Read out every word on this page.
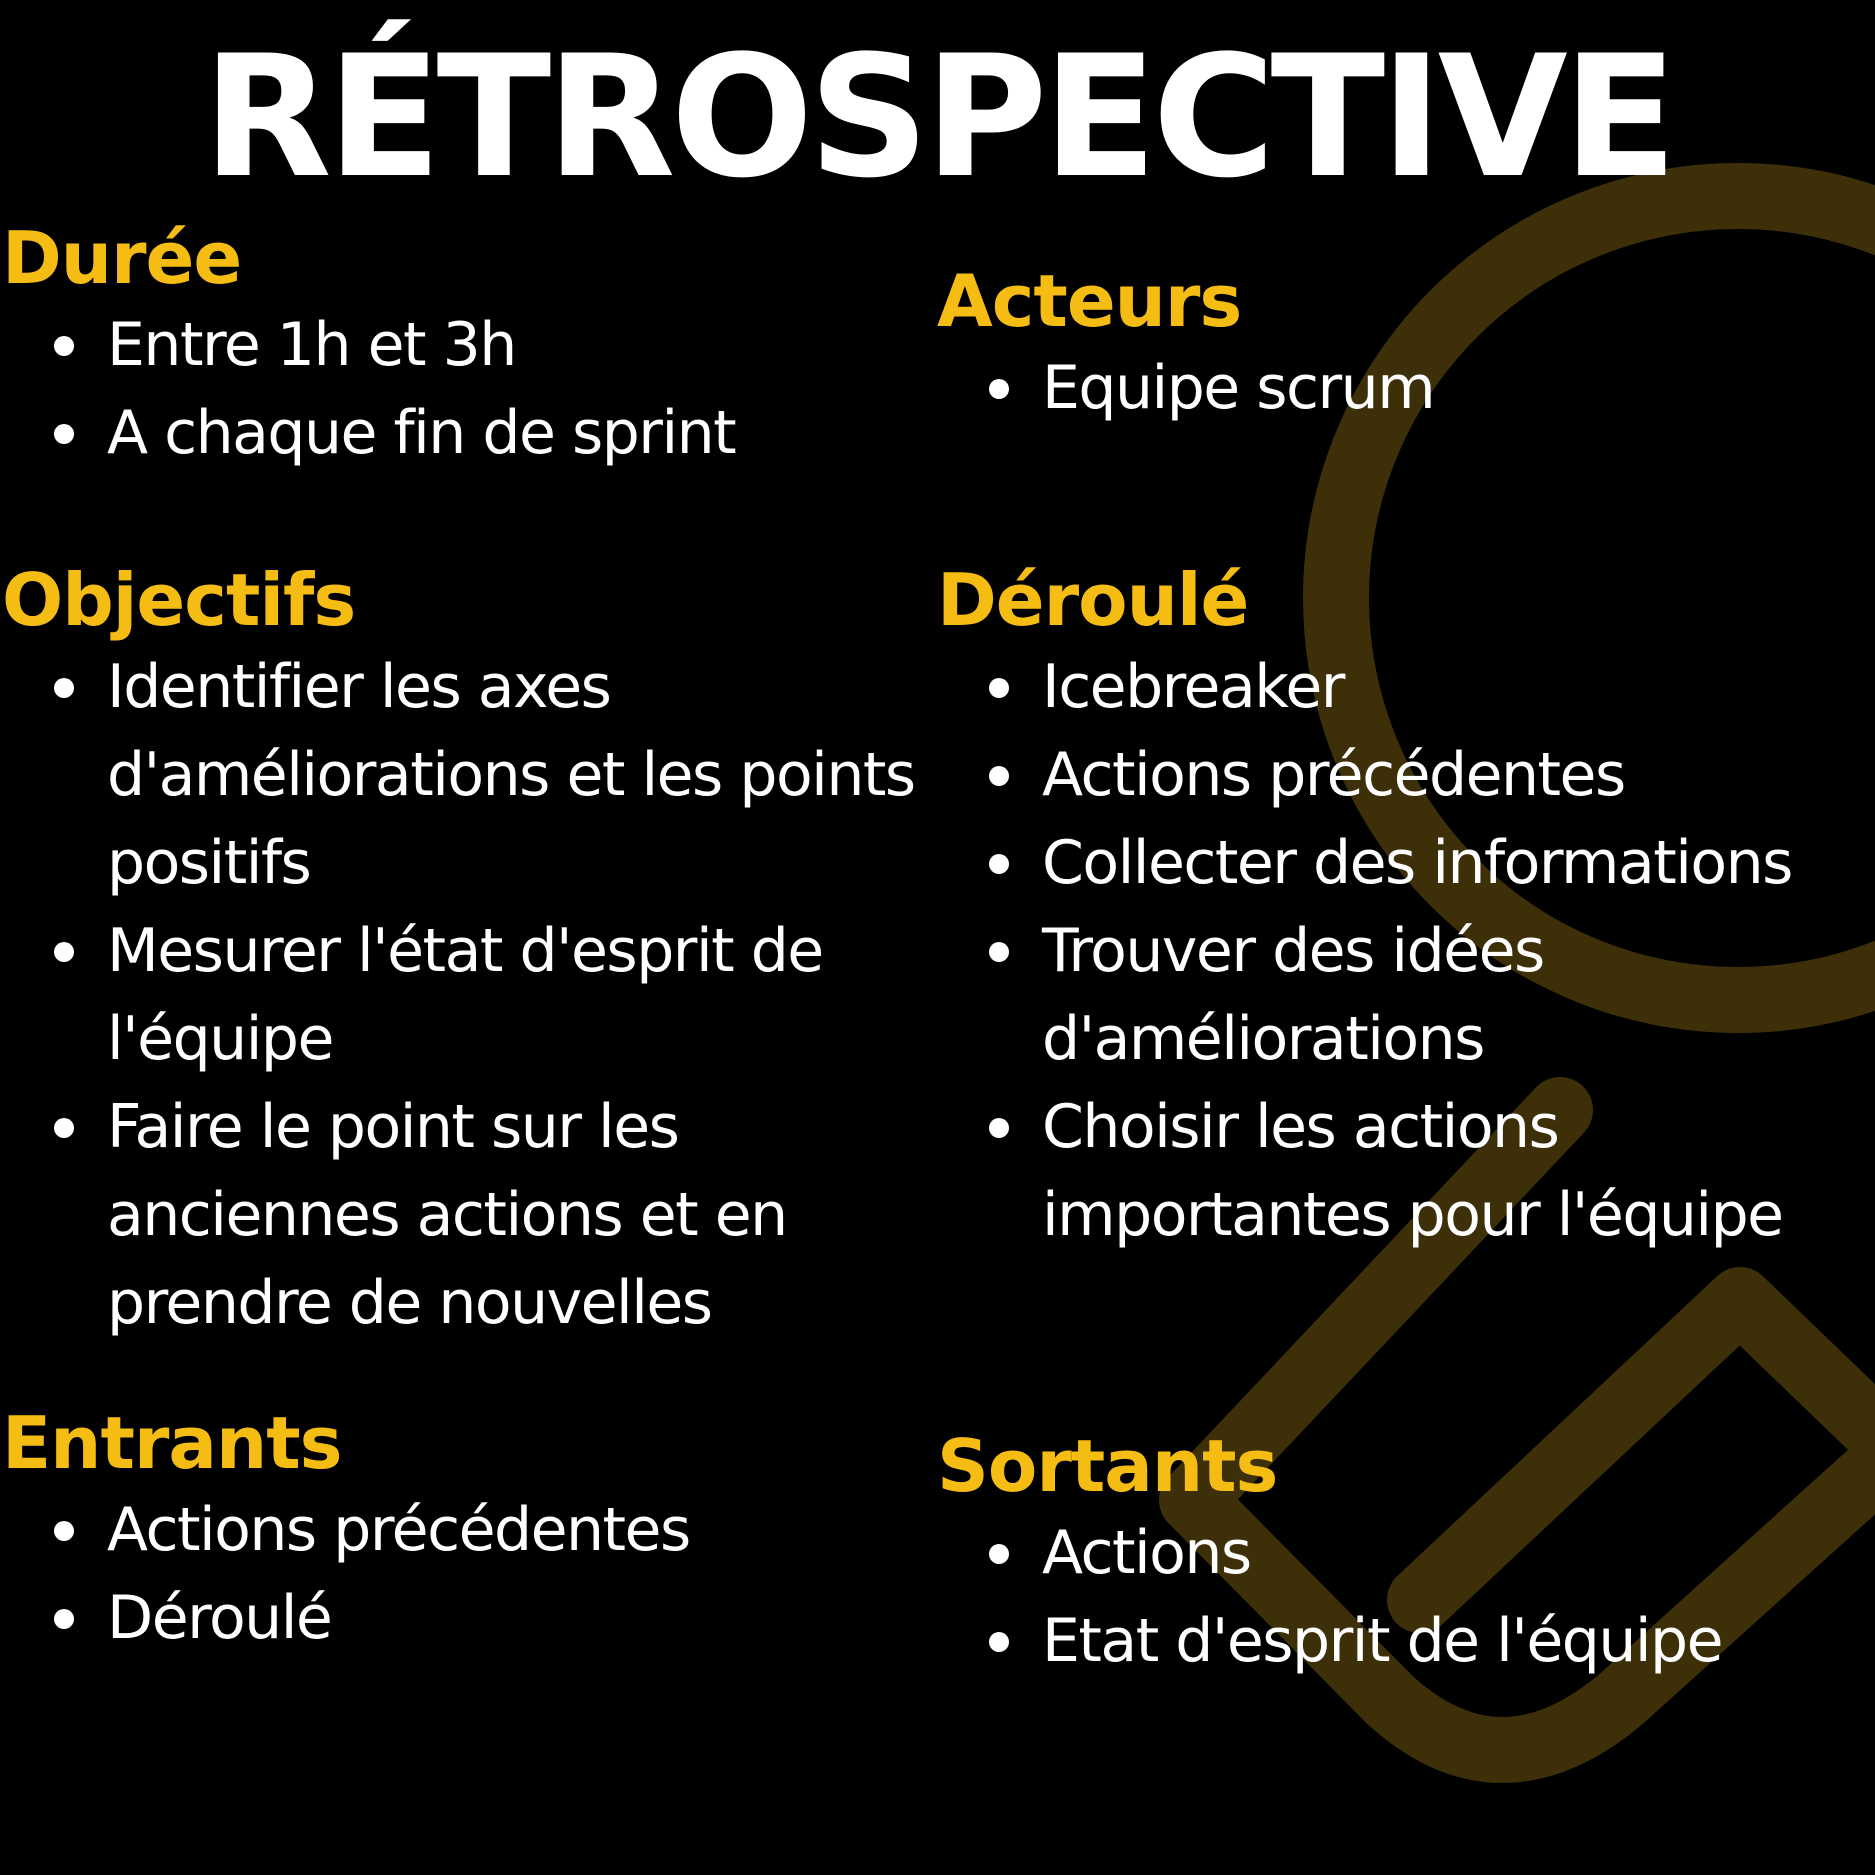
RÉTROSPECTIVE
Durée
Entre 1h et 3h
A chaque fin de sprint
Acteurs
Equipe scrum
Objectifs
Identifier les axes
d'améliorations et les points
positifs
Mesurer l'état d'esprit de
l'équipe
Faire le point sur les
anciennes actions et en
prendre de nouvelles
Déroulé
Icebreaker
Actions précédentes
Collecter des informations
Trouver des idées
d'améliorations
Choisir les actions
importantes pour l'équipe
Entrants
Actions précédentes
Déroulé
Sortants
Actions
Etat d'esprit de l'équipe
